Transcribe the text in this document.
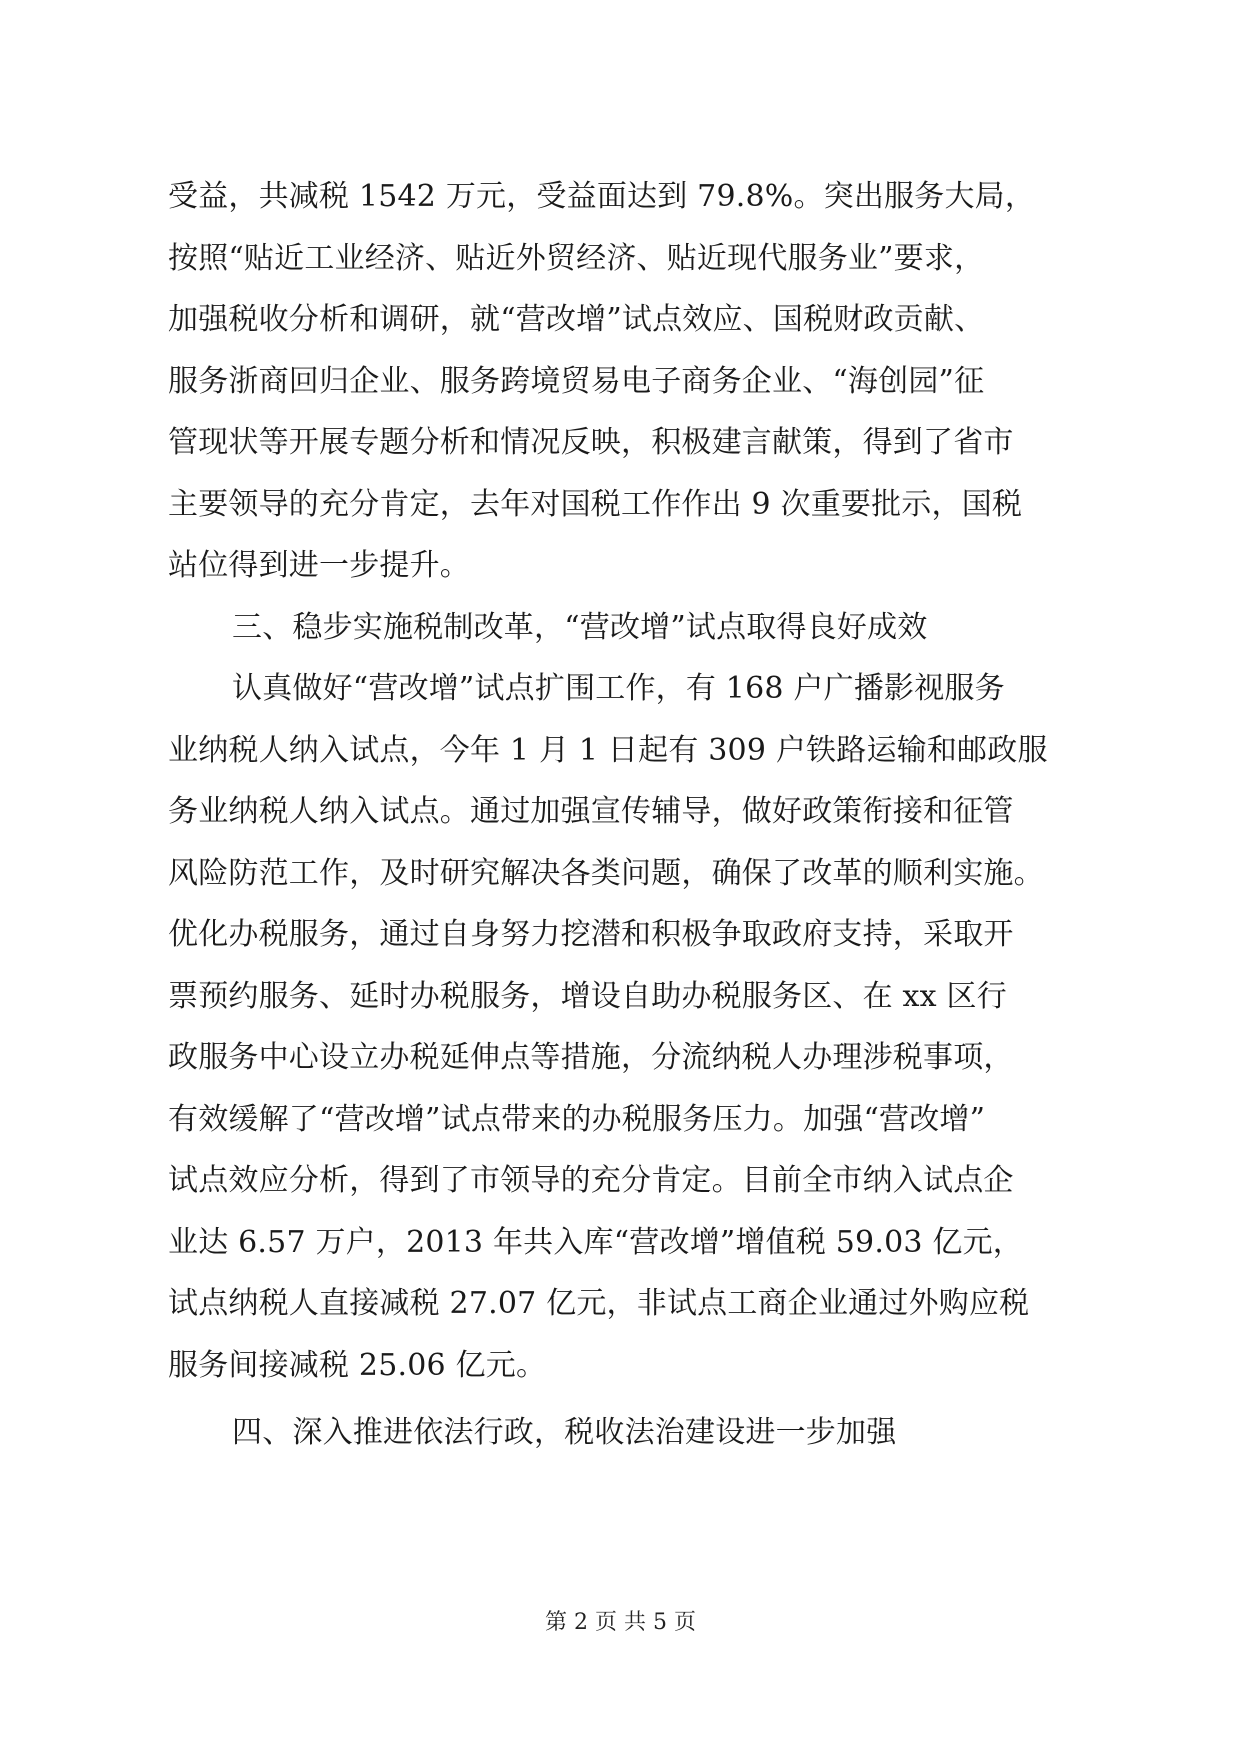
受益，共减税 1542 万元，受益面达到 79.8%。突出服务大局，
按照“贴近工业经济、贴近外贸经济、贴近现代服务业”要求，
加强税收分析和调研，就“营改增”试点效应、国税财政贡献、
服务浙商回归企业、服务跨境贸易电子商务企业、“海创园”征
管现状等开展专题分析和情况反映，积极建言献策，得到了省市
主要领导的充分肯定，去年对国税工作作出 9 次重要批示，国税
站位得到进一步提升。
三、稳步实施税制改革，“营改增”试点取得良好成效
认真做好“营改增”试点扩围工作，有 168 户广播影视服务
业纳税人纳入试点，今年 1 月 1 日起有 309 户铁路运输和邮政服
务业纳税人纳入试点。通过加强宣传辅导，做好政策衔接和征管
风险防范工作，及时研究解决各类问题，确保了改革的顺利实施。
优化办税服务，通过自身努力挖潜和积极争取政府支持，采取开
票预约服务、延时办税服务，增设自助办税服务区、在 xx 区行
政服务中心设立办税延伸点等措施，分流纳税人办理涉税事项，
有效缓解了“营改增”试点带来的办税服务压力。加强“营改增”
试点效应分析，得到了市领导的充分肯定。目前全市纳入试点企
业达 6.57 万户，2013 年共入库“营改增”增值税 59.03 亿元，
试点纳税人直接减税 27.07 亿元，非试点工商企业通过外购应税
服务间接减税 25.06 亿元。
四、深入推进依法行政，税收法治建设进一步加强
第 2 页 共 5 页
